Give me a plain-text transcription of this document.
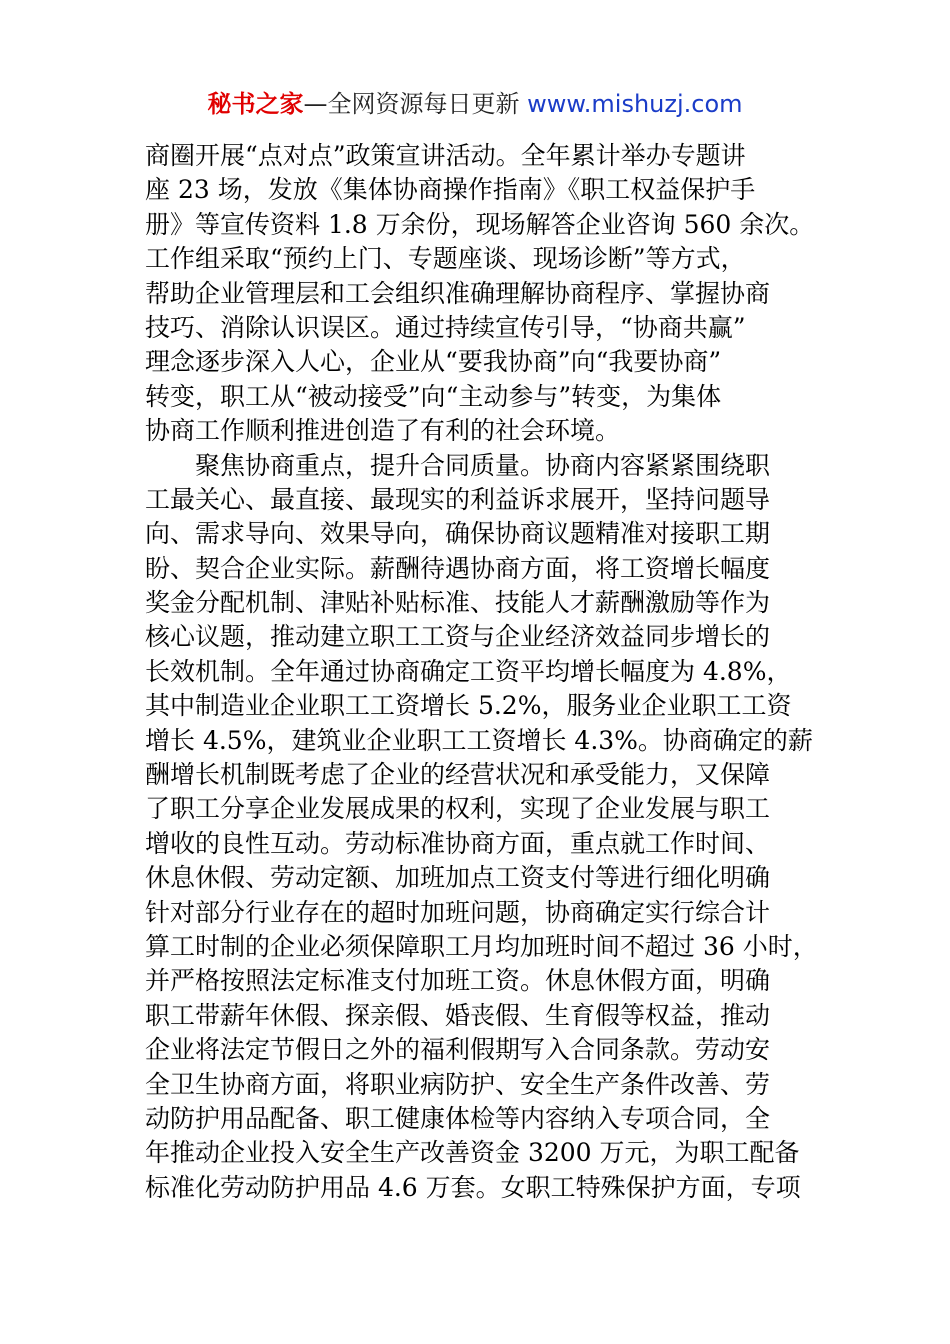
秘书之家—全网资源每日更新 www.mishuzj.com
商圈开展“点对点”政策宣讲活动。全年累计举办专题讲
座 23 场，发放《集体协商操作指南》《职工权益保护手
册》等宣传资料 1.8 万余份，现场解答企业咨询 560 余次。
工作组采取“预约上门、专题座谈、现场诊断”等方式，
帮助企业管理层和工会组织准确理解协商程序、掌握协商
技巧、消除认识误区。通过持续宣传引导，“协商共赢”
理念逐步深入人心，企业从“要我协商”向“我要协商”
转变，职工从“被动接受”向“主动参与”转变，为集体
协商工作顺利推进创造了有利的社会环境。
聚焦协商重点，提升合同质量。协商内容紧紧围绕职
工最关心、最直接、最现实的利益诉求展开，坚持问题导
向、需求导向、效果导向，确保协商议题精准对接职工期
盼、契合企业实际。薪酬待遇协商方面，将工资增长幅度
奖金分配机制、津贴补贴标准、技能人才薪酬激励等作为
核心议题，推动建立职工工资与企业经济效益同步增长的
长效机制。全年通过协商确定工资平均增长幅度为 4.8%，
其中制造业企业职工工资增长 5.2%，服务业企业职工工资
增长 4.5%，建筑业企业职工工资增长 4.3%。协商确定的薪
酬增长机制既考虑了企业的经营状况和承受能力，又保障
了职工分享企业发展成果的权利，实现了企业发展与职工
增收的良性互动。劳动标准协商方面，重点就工作时间、
休息休假、劳动定额、加班加点工资支付等进行细化明确
针对部分行业存在的超时加班问题，协商确定实行综合计
算工时制的企业必须保障职工月均加班时间不超过 36 小时，
并严格按照法定标准支付加班工资。休息休假方面，明确
职工带薪年休假、探亲假、婚丧假、生育假等权益，推动
企业将法定节假日之外的福利假期写入合同条款。劳动安
全卫生协商方面，将职业病防护、安全生产条件改善、劳
动防护用品配备、职工健康体检等内容纳入专项合同，全
年推动企业投入安全生产改善资金 3200 万元，为职工配备
标准化劳动防护用品 4.6 万套。女职工特殊保护方面，专项
